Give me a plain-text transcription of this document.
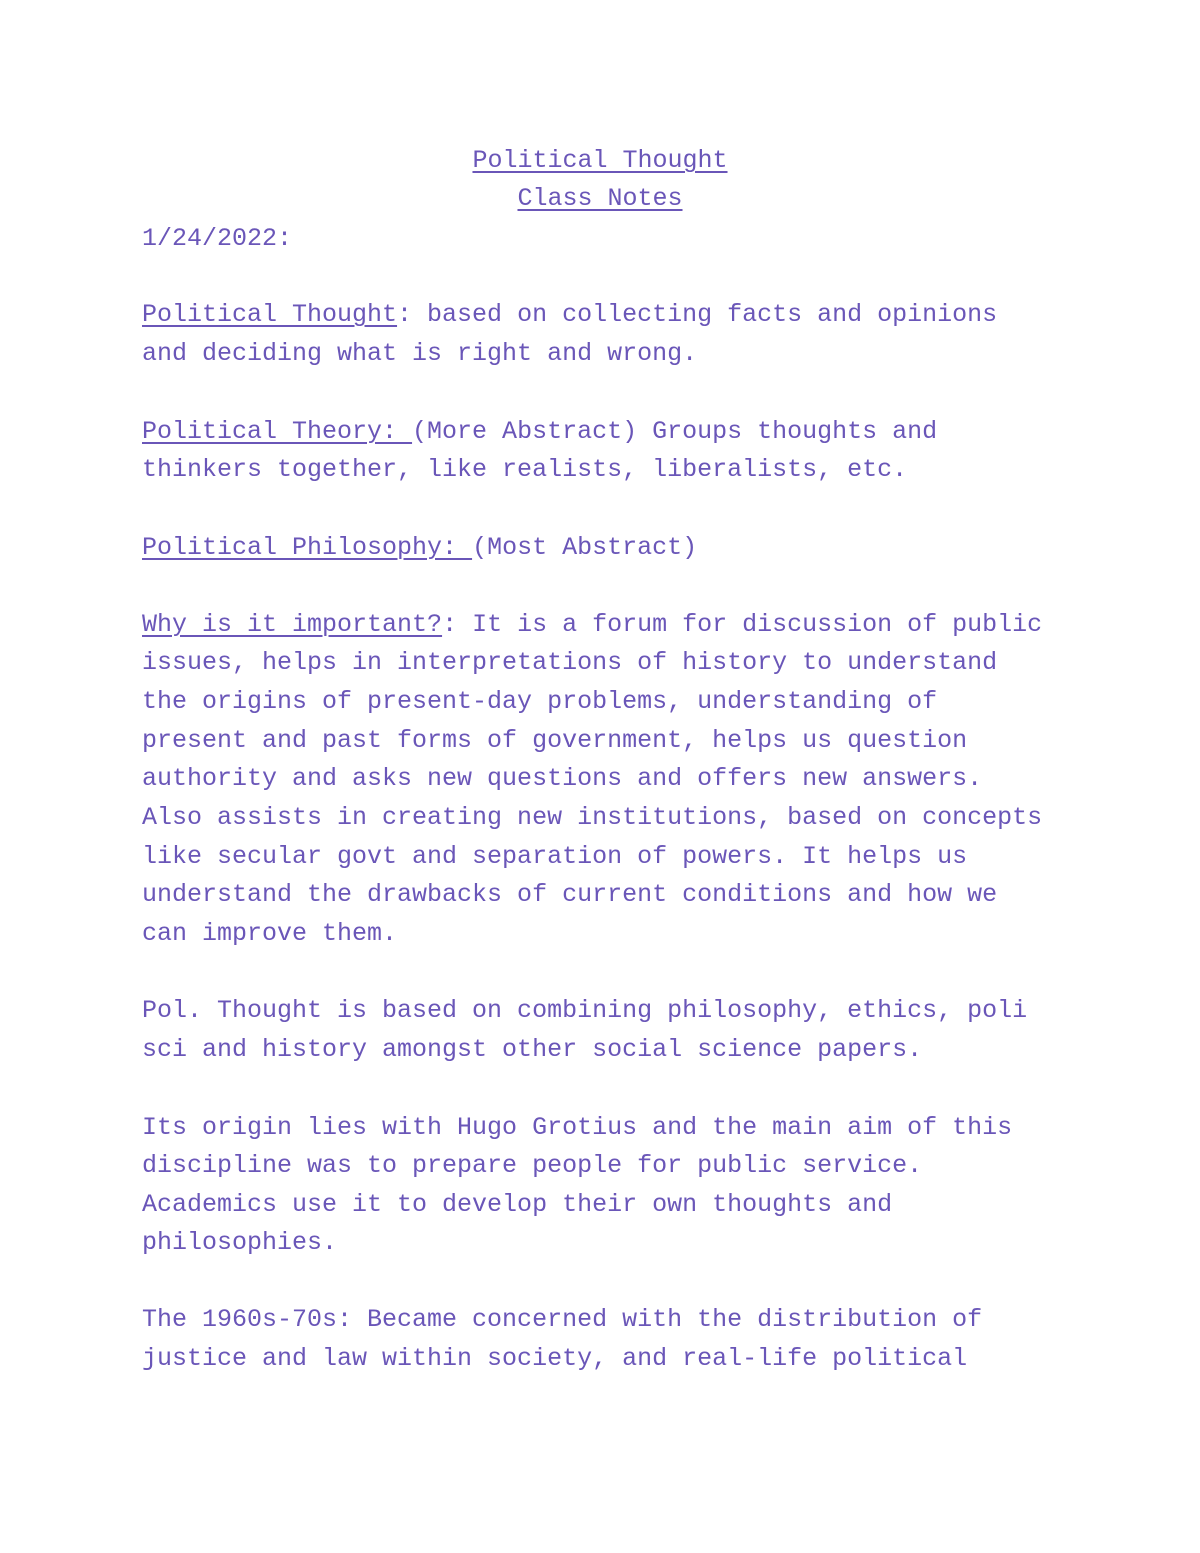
Political Thought
Class Notes
1/24/2022:
Political Thought: based on collecting facts and opinions
and deciding what is right and wrong.
Political Theory: (More Abstract) Groups thoughts and
thinkers together, like realists, liberalists, etc.
Political Philosophy: (Most Abstract)
Why is it important?: It is a forum for discussion of public
issues, helps in interpretations of history to understand
the origins of present-day problems, understanding of
present and past forms of government, helps us question
authority and asks new questions and offers new answers.
Also assists in creating new institutions, based on concepts
like secular govt and separation of powers. It helps us
understand the drawbacks of current conditions and how we
can improve them.
Pol. Thought is based on combining philosophy, ethics, poli
sci and history amongst other social science papers.
Its origin lies with Hugo Grotius and the main aim of this
discipline was to prepare people for public service.
Academics use it to develop their own thoughts and
philosophies.
The 1960s-70s: Became concerned with the distribution of
justice and law within society, and real-life political
